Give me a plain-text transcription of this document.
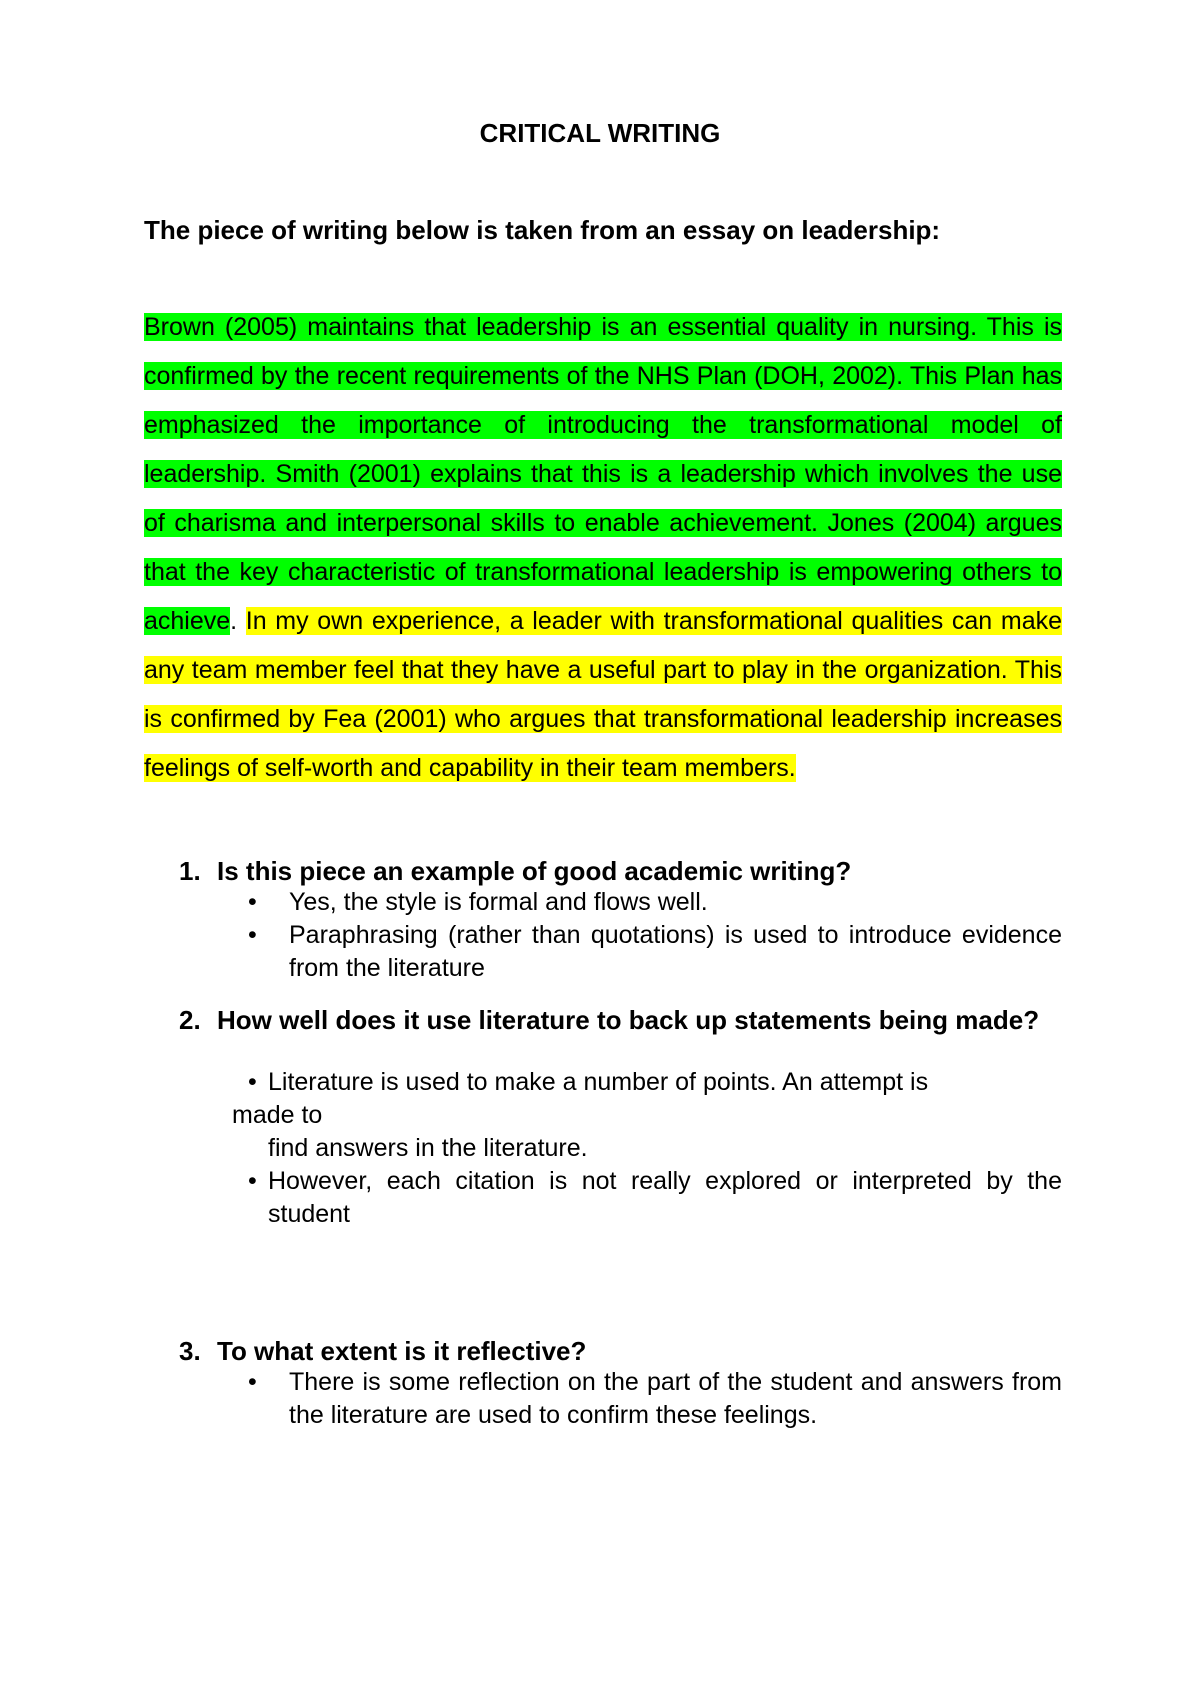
CRITICAL WRITING
The piece of writing below is taken from an essay on leadership:
Brown (2005) maintains that leadership is an essential quality in nursing. This is confirmed by the recent requirements of the NHS Plan (DOH, 2002). This Plan has emphasized the importance of introducing the transformational model of leadership. Smith (2001) explains that this is a leadership which involves the use of charisma and interpersonal skills to enable achievement. Jones (2004) argues that the key characteristic of transformational leadership is empowering others to achieve. In my own experience, a leader with transformational qualities can make any team member feel that they have a useful part to play in the organization. This is confirmed by Fea (2001) who argues that transformational leadership increases feelings of self-worth and capability in their team members.
1. Is this piece an example of good academic writing?
•	Yes, the style is formal and flows well.
•	Paraphrasing (rather than quotations) is used to introduce evidence from the literature
2. How well does it use literature to back up statements being made?
• Literature is used to make a number of points. An attempt is
made to
find answers in the literature.
• However, each citation is not really explored or interpreted by the student
3. To what extent is it reflective?
•	There is some reflection on the part of the student and answers from the literature are used to confirm these feelings.
